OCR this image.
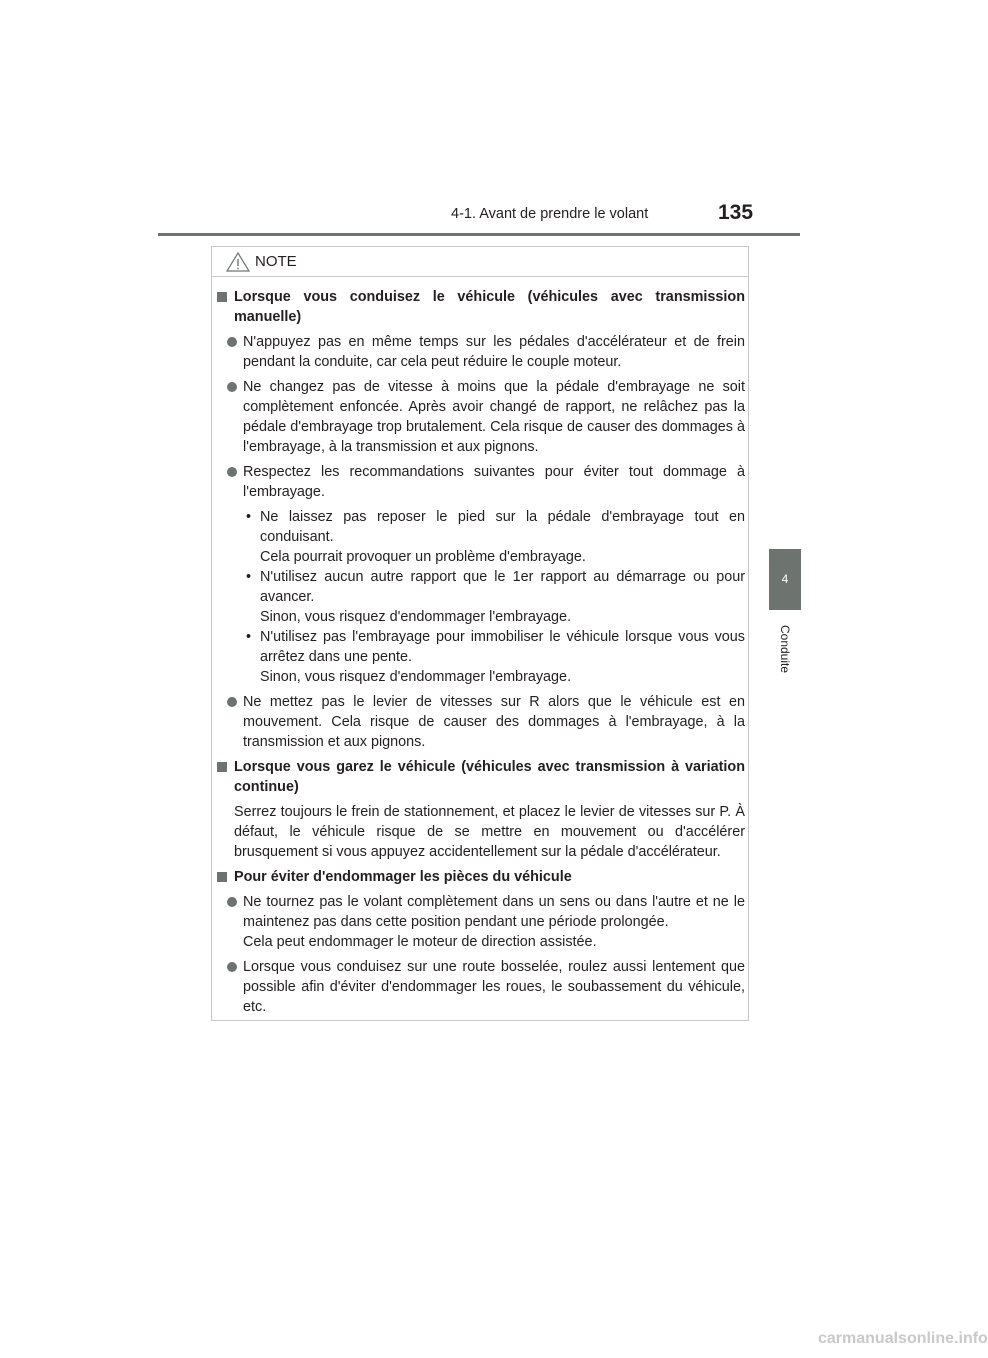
4-1. Avant de prendre le volant	135
4
Conduite
NOTE
Lorsque vous conduisez le véhicule (véhicules avec transmission manuelle)
N'appuyez pas en même temps sur les pédales d'accélérateur et de frein pendant la conduite, car cela peut réduire le couple moteur.
Ne changez pas de vitesse à moins que la pédale d'embrayage ne soit complètement enfoncée. Après avoir changé de rapport, ne relâchez pas la pédale d'embrayage trop brutalement. Cela risque de causer des dommages à l'embrayage, à la transmission et aux pignons.
Respectez les recommandations suivantes pour éviter tout dommage à l'embrayage.
• Ne laissez pas reposer le pied sur la pédale d'embrayage tout en conduisant.
Cela pourrait provoquer un problème d'embrayage.
• N'utilisez aucun autre rapport que le 1er rapport au démarrage ou pour avancer.
Sinon, vous risquez d'endommager l'embrayage.
• N'utilisez pas l'embrayage pour immobiliser le véhicule lorsque vous vous arrêtez dans une pente.
Sinon, vous risquez d'endommager l'embrayage.
Ne mettez pas le levier de vitesses sur R alors que le véhicule est en mouvement. Cela risque de causer des dommages à l'embrayage, à la transmission et aux pignons.
Lorsque vous garez le véhicule (véhicules avec transmission à variation continue)
Serrez toujours le frein de stationnement, et placez le levier de vitesses sur P. À défaut, le véhicule risque de se mettre en mouvement ou d'accélérer brusquement si vous appuyez accidentellement sur la pédale d'accélérateur.
Pour éviter d'endommager les pièces du véhicule
Ne tournez pas le volant complètement dans un sens ou dans l'autre et ne le maintenez pas dans cette position pendant une période prolongée.
Cela peut endommager le moteur de direction assistée.
Lorsque vous conduisez sur une route bosselée, roulez aussi lentement que possible afin d'éviter d'endommager les roues, le soubassement du véhicule, etc.
carmanualsonline.info
